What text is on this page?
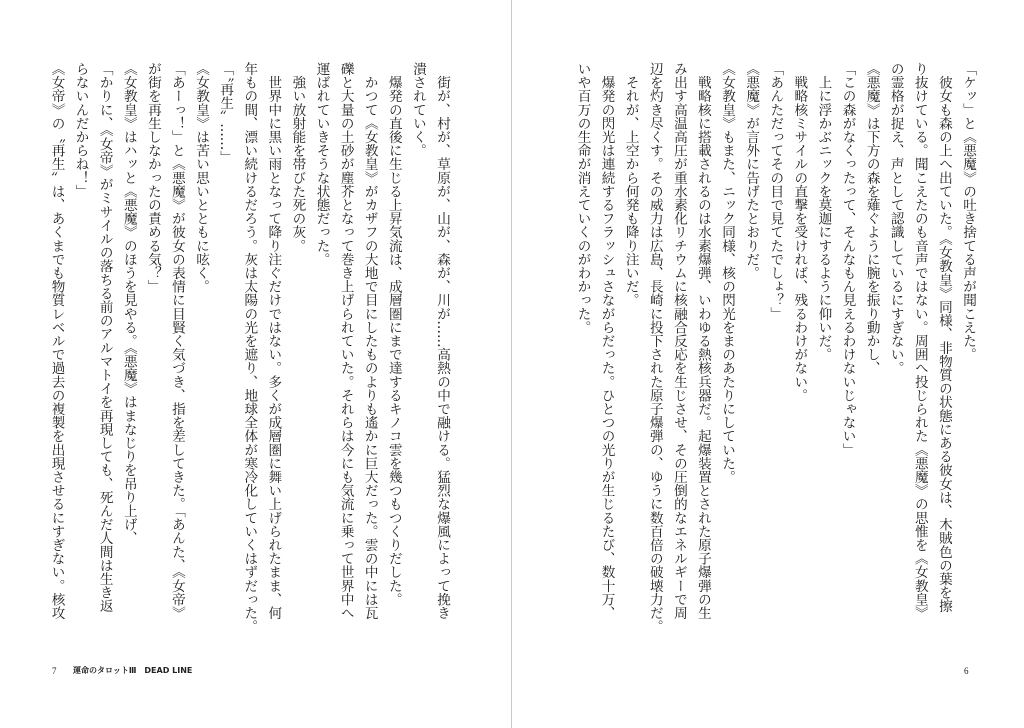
　街が、村が、草原が、山が、森が、川が……高熱の中で融ける。猛烈な爆風によって挽き
潰されていく。
　爆発の直後に生じる上昇気流は、成層圏にまで達するキノコ雲を幾つもつくりだした。
　かつて《女教皇》がカザフの大地で目にしたものよりも遙かに巨大だった。雲の中には瓦
礫と大量の土砂が塵芥となって巻き上げられていた。それらは今にも気流に乗って世界中へ
運ばれていきそうな状態だった。
　強い放射能を帯びた死の灰。
　世界中に黒い雨となって降り注ぐだけではない。多くが成層圏に舞い上げられたまま、何
年もの間、漂い続けるだろう。灰は太陽の光を遮り、地球全体が寒冷化していくはずだった。
「〝再生〟……」
《女教皇》は苦い思いとともに呟く。
「あーっ！」と《悪魔》が彼女の表情に目賢く気づき、指を差してきた。「あんた、《女帝》
が街を再生しなかったの責める気？」
《女教皇》はハッと《悪魔》のほうを見やる。《悪魔》はまなじりを吊り上げ、
「かりに、《女帝》がミサイルの落ちる前のアルマトイを再現しても、死んだ人間は生き返
らないんだからね！」
《女帝》の〝再生〟は、あくまでも物質レベルで過去の複製を出現させるにすぎない。核攻
7 運命のタロットⅢ　DEAD LINE
「ケッ」と《悪魔》の吐き捨てる声が聞こえた。
　彼女も森の上へ出ていた。《女教皇》同様、非物質の状態にある彼女は、木賊色の葉を擦
り抜けている。聞こえたのも音声ではない。周囲へ投じられた《悪魔》の思惟を《女教皇》
の霊格が捉え、声として認識しているにすぎない。
《悪魔》は下方の森を薙ぐように腕を振り動かし、
「この森がなくったって、そんなもん見えるわけないじゃない」
　上に浮かぶニックを莫迦にするように仰いだ。
　戦略核ミサイルの直撃を受ければ、残るわけがない。
「あんただってその目で見てたでしょ？」
《悪魔》が言外に告げたとおりだ。
《女教皇》もまた、ニック同様、核の閃光をまのあたりにしていた。
　戦略核に搭載されるのは水素爆弾、いわゆる熱核兵器だ。起爆装置とされた原子爆弾の生
み出す高温高圧が重水素化リチウムに核融合反応を生じさせ、その圧倒的なエネルギーで周
辺を灼き尽くす。その威力は広島、長崎に投下された原子爆弾の、ゆうに数百倍の破壊力だ。
　それが、上空から何発も降り注いだ。
　爆発の閃光は連続するフラッシュさながらだった。ひとつの光りが生じるたび、数十万、
いや百万の生命が消えていくのがわかった。
6
